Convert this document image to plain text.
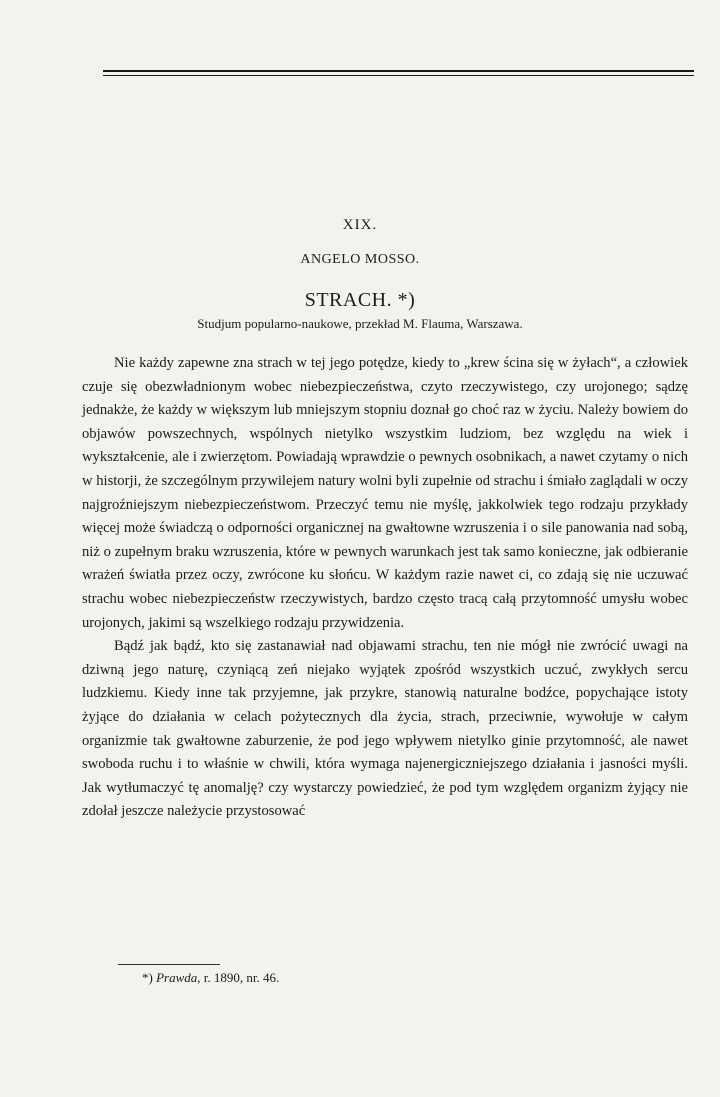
XIX.
ANGELO MOSSO.
STRACH. *)
Studjum popularno-naukowe, przekład M. Flauma, Warszawa.

Nie każdy zapewne zna strach w tej jego potędze, kiedy to „krew ścina się w żyłach“, a człowiek czuje się obezwładnionym wobec niebezpieczeństwa, czyto rzeczywistego, czy urojonego; sądzę jednakże, że każdy w większym lub mniejszym stopniu doznał go choć raz w życiu. Należy bowiem do objawów powszechnych, wspólnych nietylko wszystkim ludziom, bez względu na wiek i wykształcenie, ale i zwierzętom. Powiadają wprawdzie o pewnych osobnikach, a nawet czytamy o nich w historji, że szczególnym przywilejem natury wolni byli zupełnie od strachu i śmiało zaglądali w oczy najgroźniejszym niebezpieczeństwom. Przeczyć temu nie myślę, jakkolwiek tego rodzaju przykłady więcej może świadczą o odporności organicznej na gwałtowne wzruszenia i o sile panowania nad sobą, niż o zupełnym braku wzruszenia, które w pewnych warunkach jest tak samo konieczne, jak odbieranie wrażeń światła przez oczy, zwrócone ku słońcu. W każdym razie nawet ci, co zdają się nie uczuwać strachu wobec niebezpieczeństw rzeczywistych, bardzo często tracą całą przytomność umysłu wobec urojonych, jakimi są wszelkiego rodzaju przywidzenia.

Bądź jak bądź, kto się zastanawiał nad objawami strachu, ten nie mógł nie zwrócić uwagi na dziwną jego naturę, czyniącą zeń niejako wyjątek zpośród wszystkich uczuć, zwykłych sercu ludzkiemu. Kiedy inne tak przyjemne, jak przykre, stanowią naturalne bodźce, popychające istoty żyjące do działania w celach pożytecznych dla życia, strach, przeciwnie, wywołuje w całym organizmie tak gwałtowne zaburzenie, że pod jego wpływem nietylko ginie przytomność, ale nawet swoboda ruchu i to właśnie w chwili, która wymaga najenergiczniejszego działania i jasności myśli. Jak wytłumaczyć tę anomalję? czy wystarczy powiedzieć, że pod tym względem organizm żyjący nie zdołał jeszcze należycie przystosować

*) Prawda, r. 1890, nr. 46.
